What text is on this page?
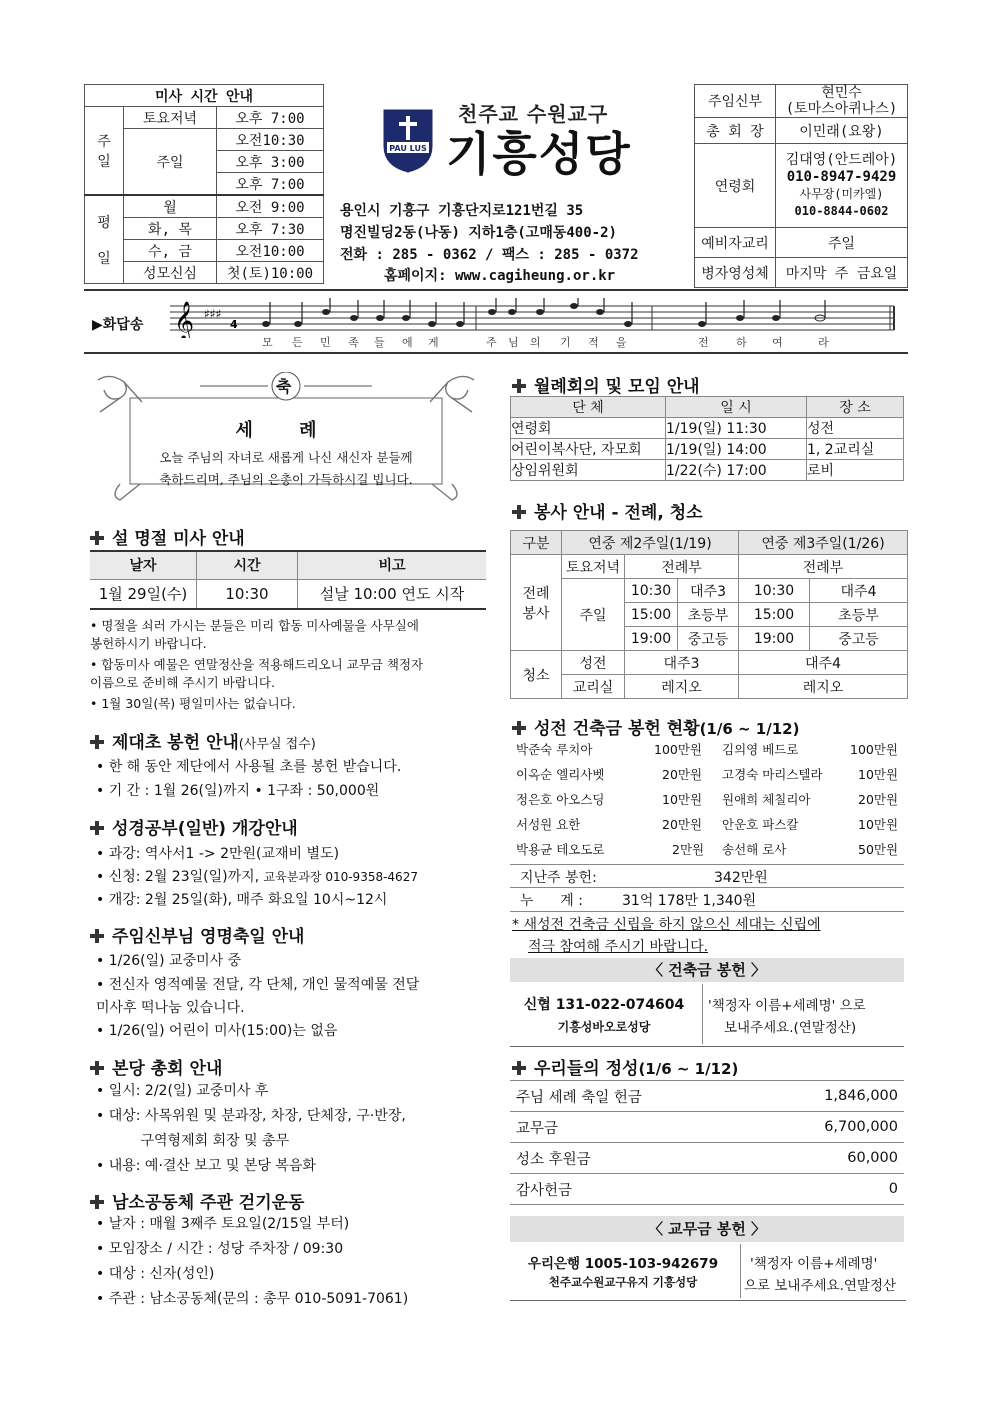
미사 시간 안내		
주
일	토요저녁	오후 7:00
	주일	오전10:30
		오후 3:00
		오후 7:00
평

일	월	오전 9:00
	화, 목	오후 7:30
	수, 금	오전10:00
	성모신심	첫(토)10:00
PAU LUS
천주교 수원교구
기흥성당
용인시 기흥구 기흥단지로121번길 35
명진빌딩2동(나동) 지하1층(고매동400-2)
전화 : 285 - 0362 / 팩스 : 285 - 0372
홈페이지: www.cagiheung.or.kr
주임신부	현민수
(토마스아퀴나스)
총 회 장	이민래(요왕)
연령회	김대영(안드레아)
010-8947-9429
사무장(미카엘)
010-8844-0602
예비자교리	주일
병자영성체	마지막 주 금요일
▶화답송 𝄞 ♯♯♯
4
모 든 민 족 들 에 게	주 님 의 기 적 을	전 하 여	라
축
세 례
오늘 주님의 자녀로 새롭게 나신 새신자 분들께
축하드리며, 주님의 은총이 가득하시길 빕니다.
설 명절 미사 안내
날자	시간	비고
1월 29일(수)	10:30	설날 10:00 연도 시작
• 명절을 쇠러 가시는 분들은 미리 합동 미사예물을 사무실에
봉헌하시기 바랍니다.
• 합동미사 예물은 연말정산을 적용해드리오니 교무금 책정자
이름으로 준비해 주시기 바랍니다.
• 1월 30일(목) 평일미사는 없습니다.
제대초 봉헌 안내(사무실 접수)
• 한 해 동안 제단에서 사용될 초를 봉헌 받습니다.
• 기 간 : 1월 26(일)까지 • 1구좌 : 50,000원
성경공부(일반) 개강안내
• 과강: 역사서1 -> 2만원(교재비 별도)
• 신청: 2월 23일(일)까지, 교육분과장 010-9358-4627
• 개강: 2월 25일(화), 매주 화요일 10시~12시
주임신부님 영명축일 안내
• 1/26(일) 교중미사 중
• 전신자 영적예물 전달, 각 단체, 개인 물적예물 전달
미사후 떡나눔 있습니다.
• 1/26(일) 어린이 미사(15:00)는 없음
본당 총회 안내
• 일시: 2/2(일) 교중미사 후
• 대상: 사목위원 및 분과장, 차장, 단체장, 구·반장,
구역형제회 회장 및 총무
• 내용: 예·결산 보고 및 본당 복음화
남소공동체 주관 걷기운동
• 날자 : 매월 3째주 토요일(2/15일 부터)
• 모임장소 / 시간 : 성당 주차장 / 09:30
• 대상 : 신자(성인)
• 주관 : 남소공동체(문의 : 총무 010-5091-7061)
월례회의 및 모임 안내
단 체	일 시	장 소
연령회	1/19(일) 11:30	성전
어린이복사단, 자모회	1/19(일) 14:00	1, 2교리실
상임위원회	1/22(수) 17:00	로비
봉사 안내 - 전례, 청소
구분	연중 제2주일(1/19)			연중 제3주일(1/26)	
전례
봉사	토요저녁	전례부		전례부	
	주일	10:30	대주3	10:30	대주4
		15:00	초등부	15:00	초등부
		19:00	중고등	19:00	중고등
청소	성전	대주3		대주4	
	교리실	레지오		레지오	
성전 건축금 봉헌 현황(1/6 ~ 1/12)
박준숙 루치아	100만원 김의영 베드로	100만원
이옥순 엘리사벳	20만원 고경숙 마리스텔라	10만원
정은호 아오스딩	10만원 원애희 체칠리아	20만원
서성원 요한	20만원 안운호 파스칼	10만원
박용균 테오도로	2만원 송선해 로사	50만원
지난주 봉헌:	342만원
누      계 :	31억 178만 1,340원
* 새성전 건축금 신립을 하지 않으신 세대는 신립에
적극 참여해 주시기 바랍니다.
〈 건축금 봉헌 〉
신협 131-022-074604
기흥성바오로성당
'책정자 이름+세례명' 으로
보내주세요.(연말정산)
우리들의 정성(1/6 ~ 1/12)
주님 세례 축일 헌금	1,846,000
교무금	6,700,000
성소 후원금	60,000
감사헌금	0
〈 교무금 봉헌 〉
우리은행 1005-103-942679
천주교수원교구유지 기흥성당
'책정자 이름+세례명'
으로 보내주세요.연말정산
